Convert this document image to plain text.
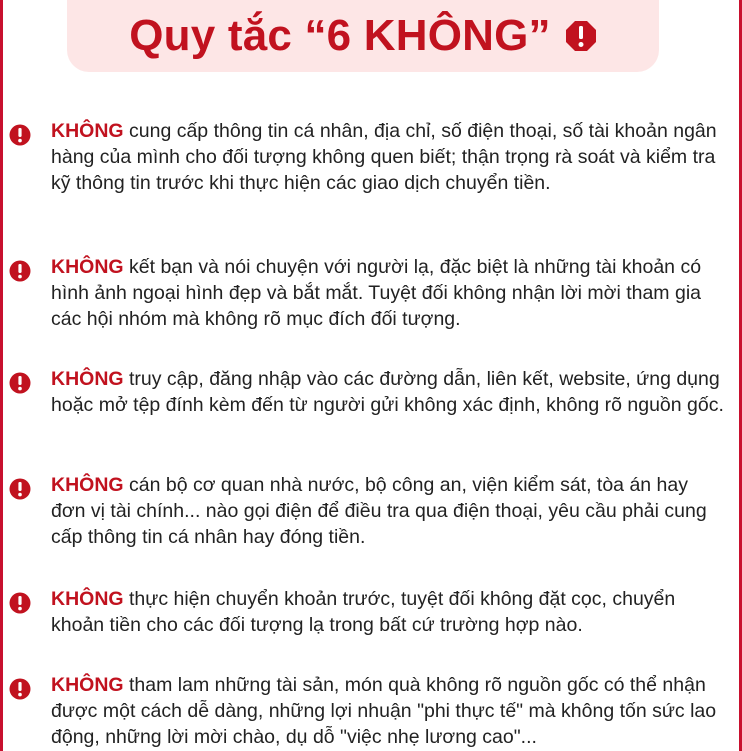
Quy tắc “6 KHÔNG”
KHÔNG cung cấp thông tin cá nhân, địa chỉ, số điện thoại, số tài khoản ngân hàng của mình cho đối tượng không quen biết; thận trọng rà soát và kiểm tra kỹ thông tin trước khi thực hiện các giao dịch chuyển tiền.
KHÔNG kết bạn và nói chuyện với người lạ, đặc biệt là những tài khoản có hình ảnh ngoại hình đẹp và bắt mắt. Tuyệt đối không nhận lời mời tham gia các hội nhóm mà không rõ mục đích đối tượng.
KHÔNG truy cập, đăng nhập vào các đường dẫn, liên kết, website, ứng dụng hoặc mở tệp đính kèm đến từ người gửi không xác định, không rõ nguồn gốc.
KHÔNG cán bộ cơ quan nhà nước, bộ công an, viện kiểm sát, tòa án hay đơn vị tài chính... nào gọi điện để điều tra qua điện thoại, yêu cầu phải cung cấp thông tin cá nhân hay đóng tiền.
KHÔNG thực hiện chuyển khoản trước, tuyệt đối không đặt cọc, chuyển khoản tiền cho các đối tượng lạ trong bất cứ trường hợp nào.
KHÔNG tham lam những tài sản, món quà không rõ nguồn gốc có thể nhận được một cách dễ dàng, những lợi nhuận "phi thực tế" mà không tốn sức lao động, những lời mời chào, dụ dỗ "việc nhẹ lương cao"...
